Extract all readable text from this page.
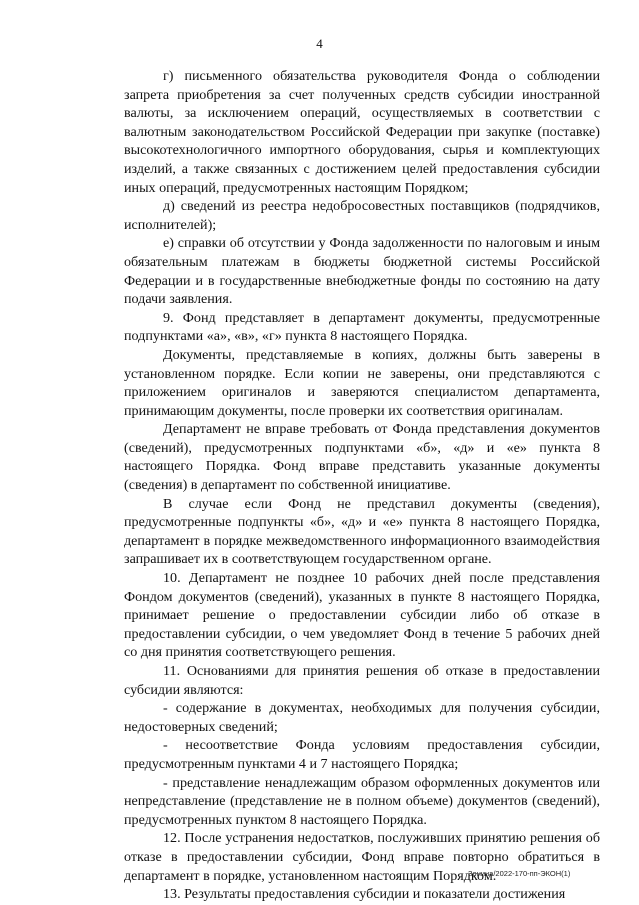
4

г) письменного обязательства руководителя Фонда о соблюдении запрета приобретения за счет полученных средств субсидии иностранной валюты, за исключением операций, осуществляемых в соответствии с валютным законодательством Российской Федерации при закупке (поставке) высокотехнологичного импортного оборудования, сырья и комплектующих изделий, а также связанных с достижением целей предоставления субсидии иных операций, предусмотренных настоящим Порядком;

д) сведений из реестра недобросовестных поставщиков (подрядчиков, исполнителей);

е) справки об отсутствии у Фонда задолженности по налоговым и иным обязательным платежам в бюджеты бюджетной системы Российской Федерации и в государственные внебюджетные фонды по состоянию на дату подачи заявления.

9. Фонд представляет в департамент документы, предусмотренные подпунктами «а», «в», «г» пункта 8 настоящего Порядка.

Документы, представляемые в копиях, должны быть заверены в установленном порядке. Если копии не заверены, они представляются с приложением оригиналов и заверяются специалистом департамента, принимающим документы, после проверки их соответствия оригиналам.

Департамент не вправе требовать от Фонда представления документов (сведений), предусмотренных подпунктами «б», «д» и «е» пункта 8 настоящего Порядка. Фонд вправе представить указанные документы (сведения) в департамент по собственной инициативе.

В случае если Фонд не представил документы (сведения), предусмотренные подпункты «б», «д» и «е» пункта 8 настоящего Порядка, департамент в порядке межведомственного информационного взаимодействия запрашивает их в соответствующем государственном органе.

10. Департамент не позднее 10 рабочих дней после представления Фондом документов (сведений), указанных в пункте 8 настоящего Порядка, принимает решение о предоставлении субсидии либо об отказе в предоставлении субсидии, о чем уведомляет Фонд в течение 5 рабочих дней со дня принятия соответствующего решения.

11. Основаниями для принятия решения об отказе в предоставлении субсидии являются:

- содержание в документах, необходимых для получения субсидии, недостоверных сведений;

- несоответствие Фонда условиям предоставления субсидии, предусмотренным пунктами 4 и 7 настоящего Порядка;

- представление ненадлежащим образом оформленных документов или непредставление (представление не в полном объеме) документов (сведений), предусмотренных пунктом 8 настоящего Порядка.

12. После устранения недостатков, послуживших принятию решения об отказе в предоставлении субсидии, Фонд вправе повторно обратиться в департамент в порядке, установленном настоящим Порядком.

13. Результаты предоставления субсидии и показатели достижения

Зенина/2022-170-пп-ЭКОН(1)
